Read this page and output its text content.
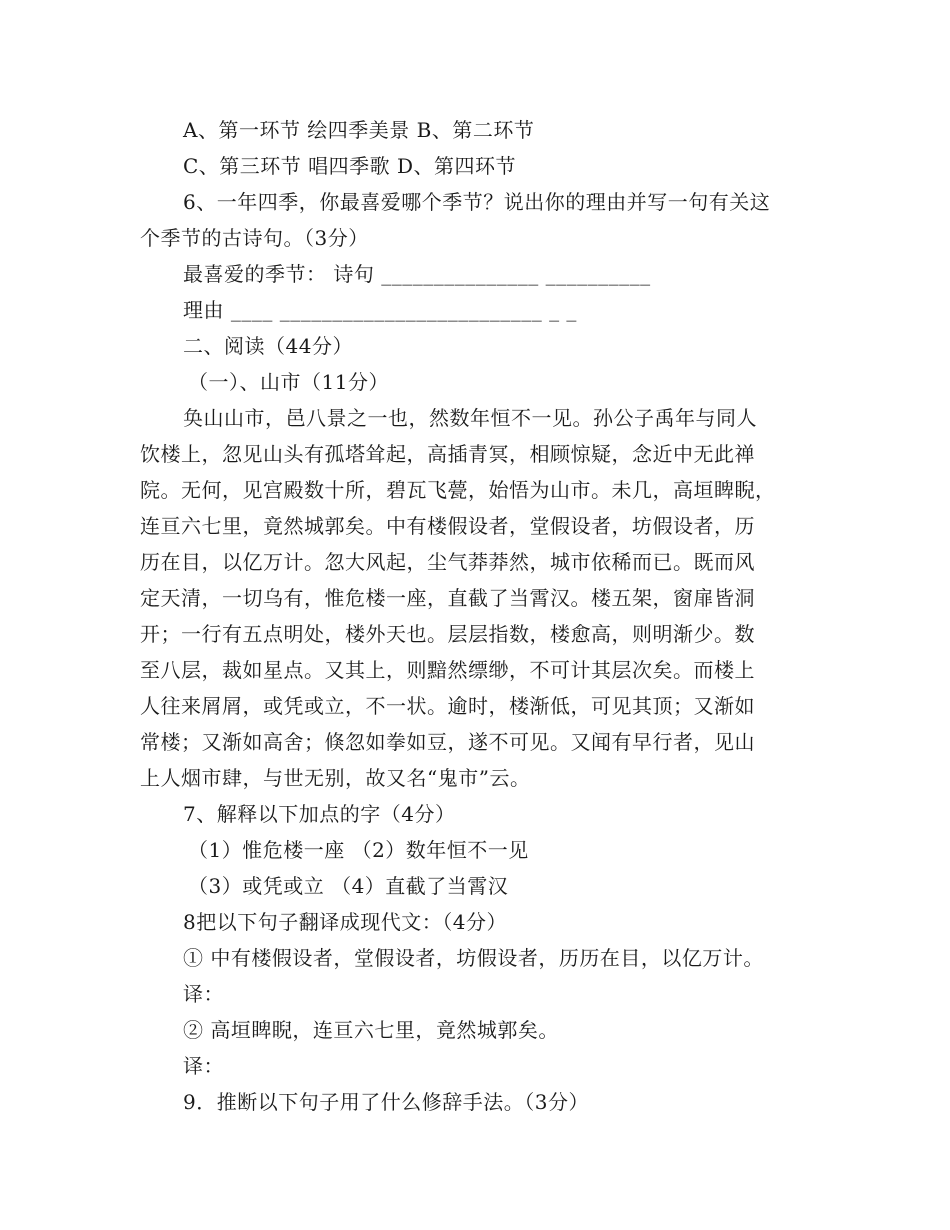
A、第一环节 绘四季美景 B、第二环节
C、第三环节 唱四季歌 D、第四环节
6、一年四季，你最喜爱哪个季节？说出你的理由并写一句有关这
个季节的古诗句。（3分）
最喜爱的季节： 诗句 _______________ __________
理由 ____ _________________________ _ _
二、阅读（44分）
（一）、山市（11分）
奂山山市，邑八景之一也，然数年恒不一见。孙公子禹年与同人
饮楼上，忽见山头有孤塔耸起，高插青冥，相顾惊疑，念近中无此禅
院。无何，见宫殿数十所，碧瓦飞甍，始悟为山市。未几，高垣睥睨，
连亘六七里，竟然城郭矣。中有楼假设者，堂假设者，坊假设者，历
历在目，以亿万计。忽大风起，尘气莽莽然，城市依稀而已。既而风
定天清，一切乌有，惟危楼一座，直截了当霄汉。楼五架，窗扉皆洞
开；一行有五点明处，楼外天也。层层指数，楼愈高，则明渐少。数
至八层，裁如星点。又其上，则黯然缥缈，不可计其层次矣。而楼上
人往来屑屑，或凭或立，不一状。逾时，楼渐低，可见其顶；又渐如
常楼；又渐如高舍；倏忽如拳如豆，遂不可见。又闻有早行者，见山
上人烟市肆，与世无别，故又名“鬼市”云。
7、解释以下加点的字（4分）
（1）惟危楼一座 （2）数年恒不一见
（3）或凭或立 （4）直截了当霄汉
8把以下句子翻译成现代文：（4分）
① 中有楼假设者，堂假设者，坊假设者，历历在目，以亿万计。
译：
② 高垣睥睨，连亘六七里，竟然城郭矣。
译：
9．推断以下句子用了什么修辞手法。（3分）
